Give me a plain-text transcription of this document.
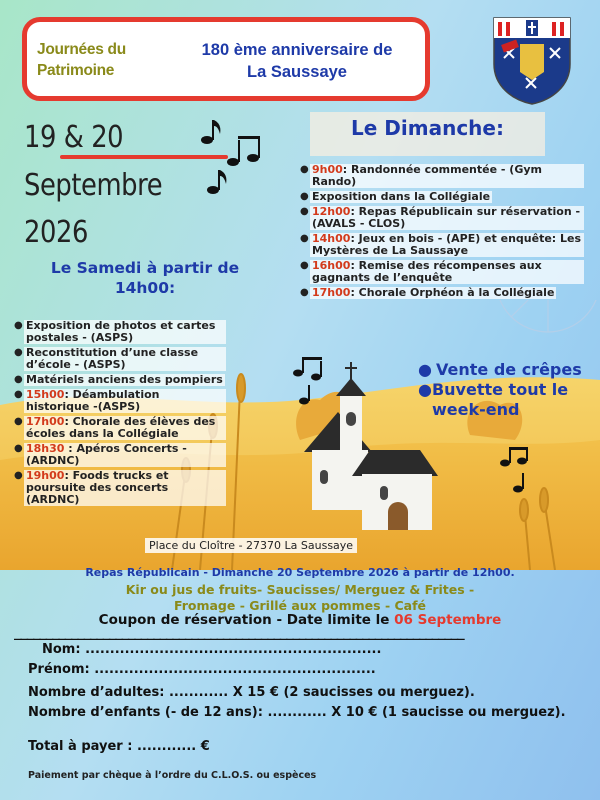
Journées du
Patrimoine
180 ème anniversaire de
La Saussaye
19 & 20
Septembre
2026
Le Samedi à partir de
14h00:
● Exposition de photos et cartes postales - (ASPS)
● Reconstitution d’une classe d’école - (ASPS)
● Matériels anciens des pompiers
● 15h00: Déambulation historique -(ASPS)
● 17h00: Chorale des élèves des écoles dans la Collégiale
● 18h30 : Apéros Concerts - (ARDNC)
● 19h00: Foods trucks et poursuite des concerts (ARDNC)
Le Dimanche:
● 9h00: Randonnée commentée - (Gym Rando)
● Exposition dans la Collégiale
● 12h00: Repas Républicain sur réservation - (AVALS - CLOS)
● 14h00: Jeux en bois - (APE) et enquête: Les Mystères de La Saussaye
● 16h00: Remise des récompenses aux gagnants de l’enquête
● 17h00: Chorale Orphéon à la Collégiale
● Vente de crêpes
● Buvette tout le week-end
Place du Cloître - 27370 La Saussaye
Repas Républicain - Dimanche 20 Septembre 2026 à partir de 12h00.
Kir ou jus de fruits- Saucisses/ Merguez & Frites -
Fromage - Grillé aux pommes - Café
Coupon de réservation - Date limite le 06 Septembre
_______________________________________________________________________
Nom: ............................................................
Prénom: .........................................................
Nombre d’adultes: ............ X 15 € (2 saucisses ou merguez).
Nombre d’enfants (- de 12 ans): ............ X 10 € (1 saucisse ou merguez).
Total à payer : ............ €
Paiement par chèque à l’ordre du C.L.O.S. ou espèces
